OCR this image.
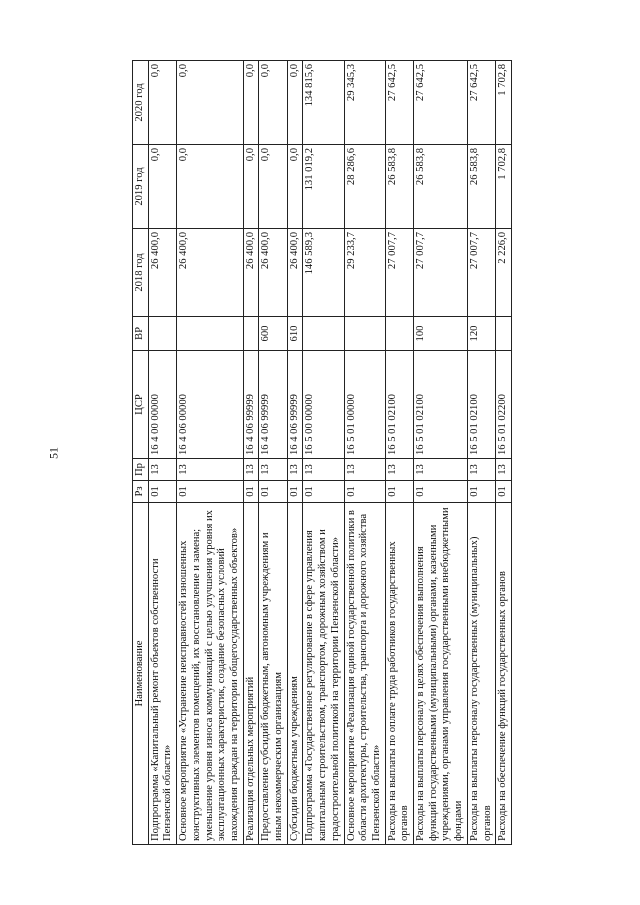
51
Наименование	Рз	Пр	ЦСР	ВР	2018 год	2019 год	2020 год
Подпрограмма «Капитальный ремонт объектов собственности Пензенской области»	01	13	16 4 00 00000		26 400,0	0,0	0,0
Основное мероприятие «Устранение неисправностей изношенных конструктивных элементов помещений, их восстановление и замена; уменьшение уровня износа коммуникаций с целью улучшения уровня их эксплуатационных характеристик, создание безопасных условий нахождения граждан на территории общегосударственных объектов»	01	13	16 4 06 00000		26 400,0	0,0	0,0
Реализация отдельных мероприятий	01	13	16 4 06 99999		26 400,0	0,0	0,0
Предоставление субсидий бюджетным, автономным учреждениям и иным некоммерческим организациям	01	13	16 4 06 99999	600	26 400,0	0,0	0,0
Субсидии бюджетным учреждениям	01	13	16 4 06 99999	610	26 400,0	0,0	0,0
Подпрограмма «Государственное регулирование в сфере управления капитальным строительством, транспортом, дорожным хозяйством и градостроительной политикой на территории Пензенской области»	01	13	16 5 00 00000		146 589,3	131 019,2	134 815,6
Основное мероприятие «Реализация единой государственной политики в области архитектуры, строительства, транспорта и дорожного хозяйства Пензенской области»	01	13	16 5 01 00000		29 233,7	28 286,6	29 345,3
Расходы на выплаты по оплате труда работников государственных органов	01	13	16 5 01 02100		27 007,7	26 583,8	27 642,5
Расходы на выплаты персоналу в целях обеспечения выполнения функций государственными (муниципальными) органами, казенными учреждениями, органами управления государственными внебюджетными фондами	01	13	16 5 01 02100	100	27 007,7	26 583,8	27 642,5
Расходы на выплаты персоналу государственных (муниципальных) органов	01	13	16 5 01 02100	120	27 007,7	26 583,8	27 642,5
Расходы на обеспечение функций государственных органов	01	13	16 5 01 02200		2 226,0	1 702,8	1 702,8
